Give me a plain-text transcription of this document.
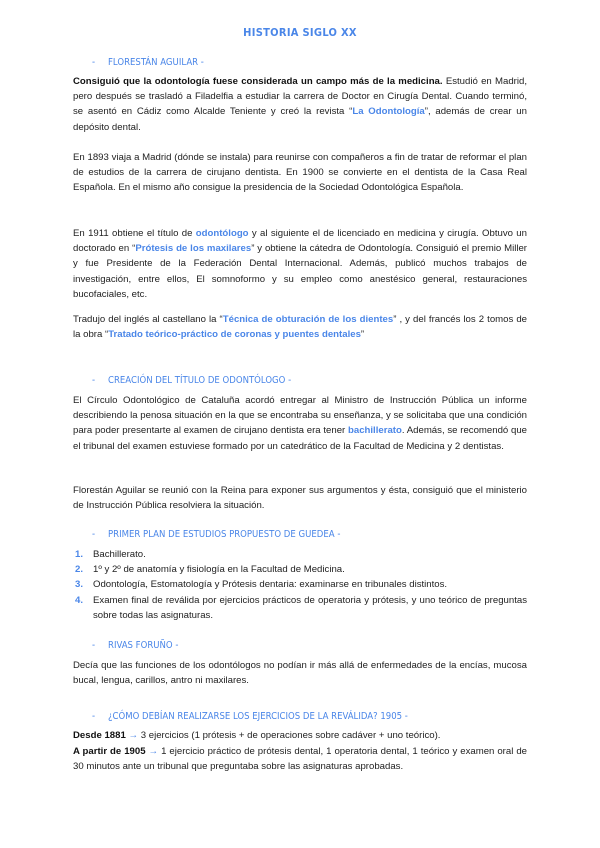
HISTORIA SIGLO XX
- FLORESTÁN AGUILAR -
Consiguió que la odontología fuese considerada un campo más de la medicina. Estudió en Madrid, pero después se trasladó a Filadelfia a estudiar la carrera de Doctor en Cirugía Dental. Cuando terminó, se asentó en Cádiz como Alcalde Teniente y creó la revista “La Odontología”, además de crear un depósito dental.
En 1893 viaja a Madrid (dónde se instala) para reunirse con compañeros a fin de tratar de reformar el plan de estudios de la carrera de cirujano dentista. En 1900 se convierte en el dentista de la Casa Real Española. En el mismo año consigue la presidencia de la Sociedad Odontológica Española.
En 1911 obtiene el título de odontólogo y al siguiente el de licenciado en medicina y cirugía. Obtuvo un doctorado en “Prótesis de los maxilares” y obtiene la cátedra de Odontología. Consiguió el premio Miller y fue Presidente de la Federación Dental Internacional. Además, publicó muchos trabajos de investigación, entre ellos, El somnoformo y su empleo como anestésico general, restauraciones bucofaciales, etc.
Tradujo del inglés al castellano la “Técnica de obturación de los dientes” , y del francés los 2 tomos de la obra “Tratado teórico-práctico de coronas y puentes dentales”
- CREACIÓN DEL TÍTULO DE ODONTÓLOGO -
El Círculo Odontológico de Cataluña acordó entregar al Ministro de Instrucción Pública un informe describiendo la penosa situación en la que se encontraba su enseñanza, y se solicitaba que una condición para poder presentarte al examen de cirujano dentista era tener bachillerato. Además, se recomendó que el tribunal del examen estuviese formado por un catedrático de la Facultad de Medicina y 2 dentistas.
Florestán Aguilar se reunió con la Reina para exponer sus argumentos y ésta, consiguió que el ministerio de Instrucción Pública resolviera la situación.
- PRIMER PLAN DE ESTUDIOS PROPUESTO DE GUEDEA -
1. Bachillerato.
2. 1º y 2º de anatomía y fisiología en la Facultad de Medicina.
3. Odontología, Estomatología y Prótesis dentaria: examinarse en tribunales distintos.
4. Examen final de reválida por ejercicios prácticos de operatoria y prótesis, y uno teórico de preguntas sobre todas las asignaturas.
- RIVAS FORUÑO -
Decía que las funciones de los odontólogos no podían ir más allá de enfermedades de la encías, mucosa bucal, lengua, carillos, antro ni maxilares.
- ¿CÓMO DEBÍAN REALIZARSE LOS EJERCICIOS DE LA REVÁLIDA? 1905 -
Desde 1881 → 3 ejercicios (1 prótesis + de operaciones sobre cadáver + uno teórico).
A partir de 1905 → 1 ejercicio práctico de prótesis dental, 1 operatoria dental, 1 teórico y examen oral de 30 minutos ante un tribunal que preguntaba sobre las asignaturas aprobadas.
